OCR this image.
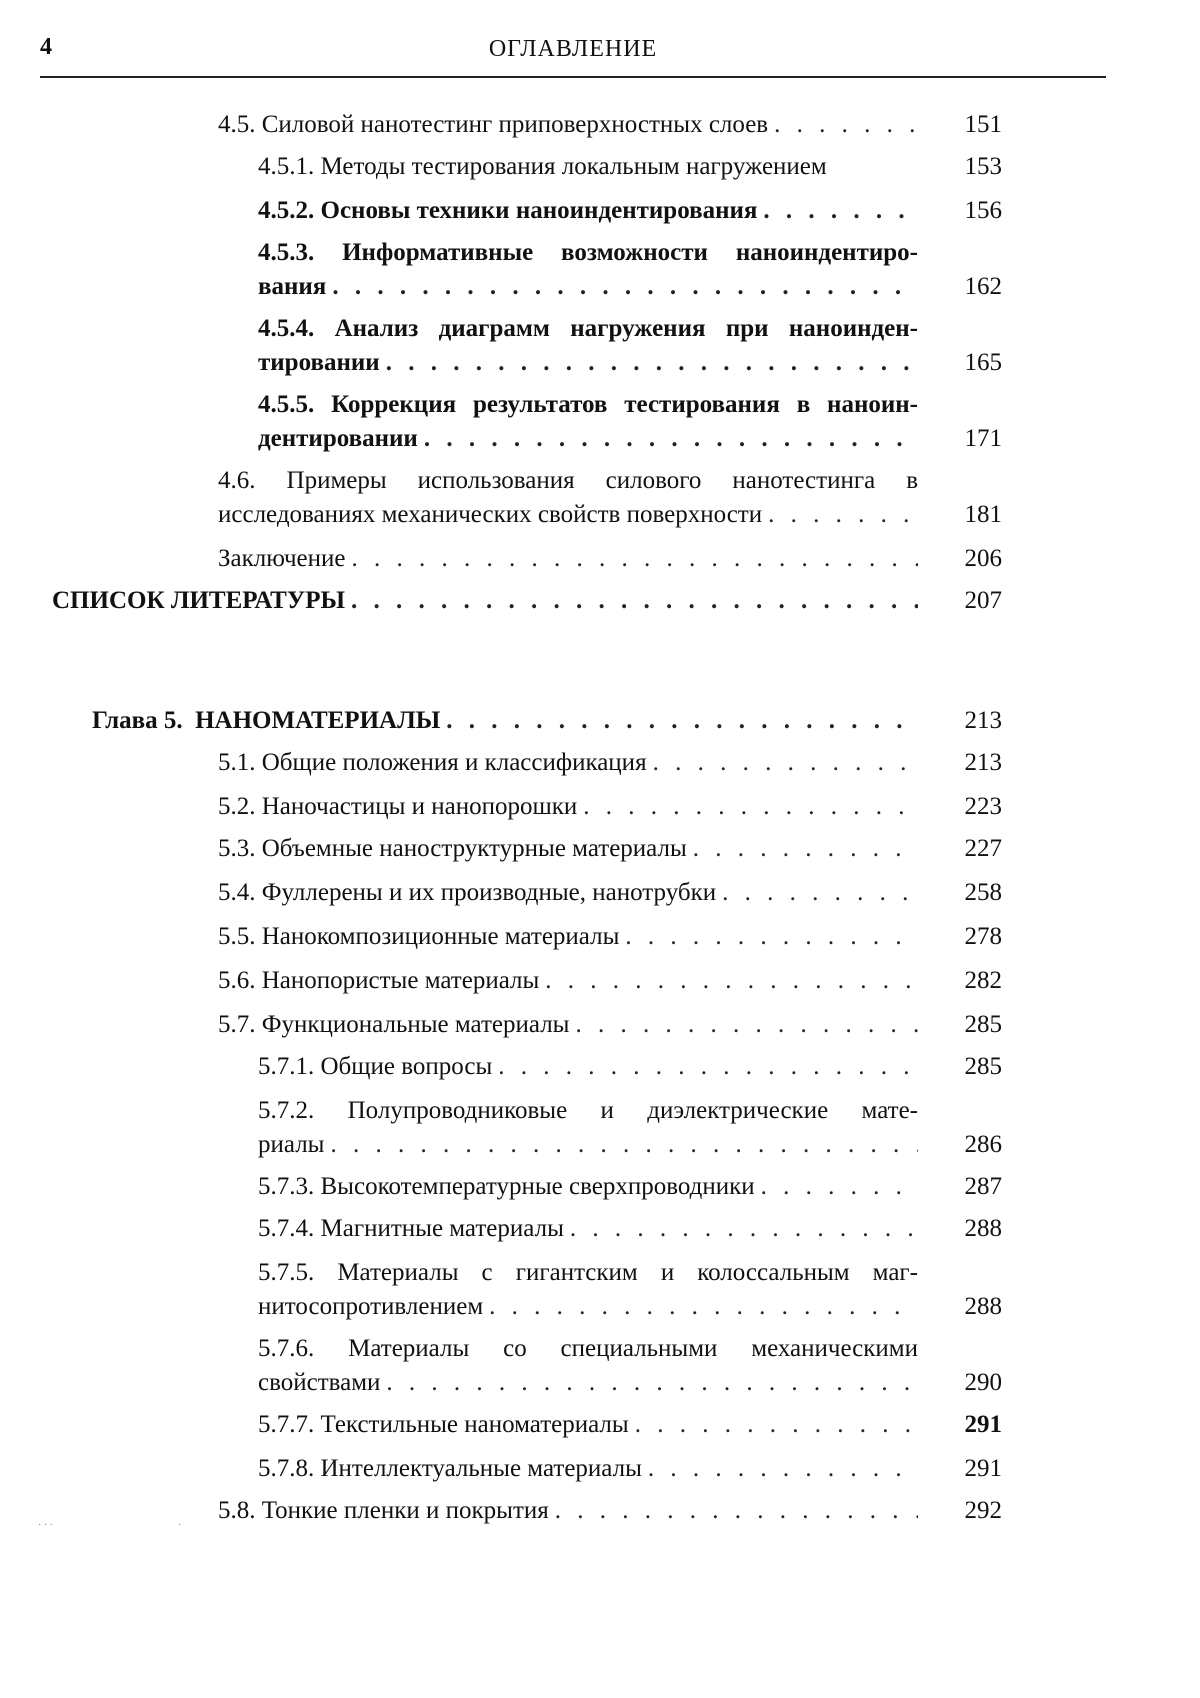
4	ОГЛАВЛЕНИЕ
4.5. Силовой нанотестинг приповерхностных слоев . . .	151
4.5.1. Методы тестирования локальным нагружением	153
4.5.2. Основы техники наноиндентирования . . .	156
4.5.3. Информативные возможности наноиндентиро-
вания . . .	162
4.5.4. Анализ диаграмм нагружения при наноинден-
тировании . . .	165
4.5.5. Коррекция результатов тестирования в наноин-
дентировании . . .	171
4.6. Примеры использования силового нанотестинга в
исследованиях механических свойств поверхности . . .	181
Заключение . . .	206
СПИСОК ЛИТЕРАТУРЫ . . .	207
Глава 5.  НАНОМАТЕРИАЛЫ . . .	213
5.1. Общие положения и классификация . . .	213
5.2. Наночастицы и нанопорошки . . .	223
5.3. Объемные наноструктурные материалы . . .	227
5.4. Фуллерены и их производные, нанотрубки . . .	258
5.5. Нанокомпозиционные материалы . . .	278
5.6. Нанопористые материалы . . .	282
5.7. Функциональные материалы . . .	285
5.7.1. Общие вопросы . . .	285
5.7.2. Полупроводниковые и диэлектрические мате-
риалы . . .	286
5.7.3. Высокотемпературные сверхпроводники . . .	287
5.7.4. Магнитные материалы . . .	288
5.7.5. Материалы с гигантским и колоссальным маг-
нитосопротивлением . . .	288
5.7.6. Материалы со специальными механическими
свойствами . . .	290
5.7.7. Текстильные наноматериалы . . .	291
5.7.8. Интеллектуальные материалы . . .	291
5.8. Тонкие пленки и покрытия . . .	292
· · ·	·
